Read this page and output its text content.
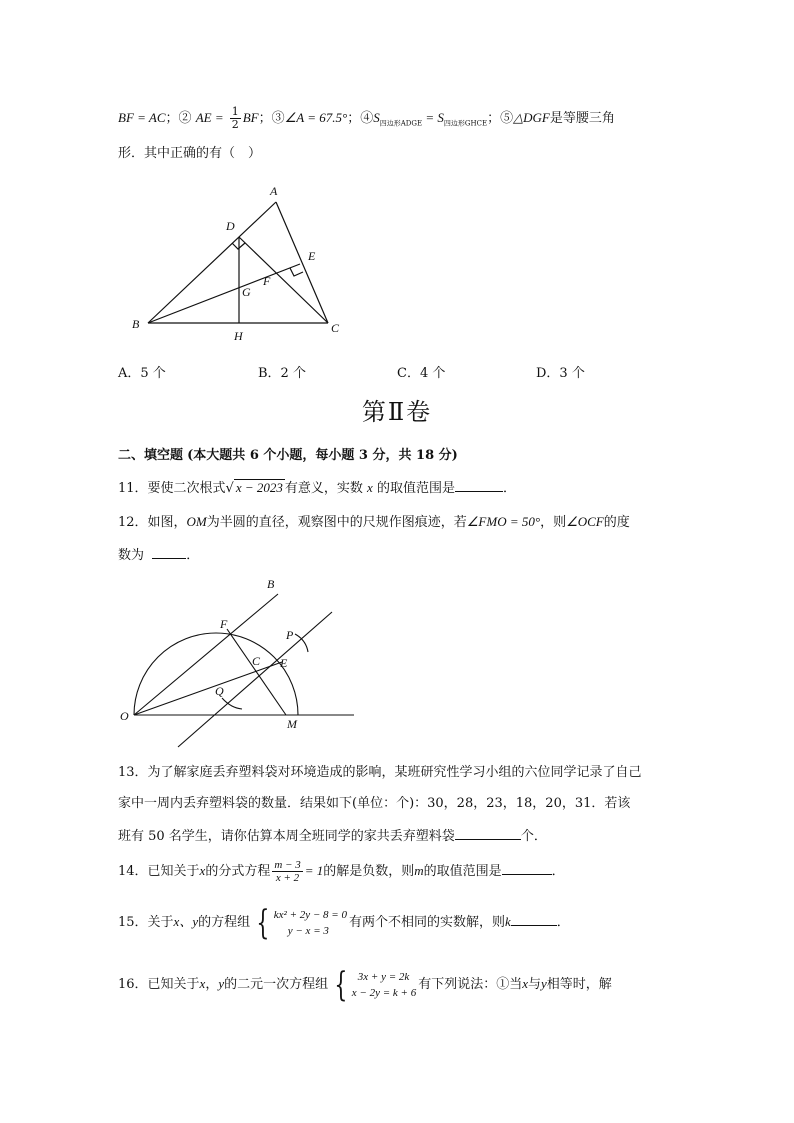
BF = AC；② AE = $\frac{1}{2}$ BF；③∠A = 67.5°；$④S_{四边形ADGE} = S_{四边形GHCE}$；⑤△DGF是等腰三角
形．其中正确的有（　）
A
D
E
F
G
B
H
C
A．5 个	B．2 个	C．4 个	D．3 个
第Ⅱ卷
二、填空题 (本大题共 6 个小题，每小题 3 分，共 18 分)
11．要使二次根式√ x − 2023 有意义，实数 x 的取值范围是	．
12．如图，OM为半圆的直径，观察图中的尺规作图痕迹，若∠FMO = 50°，则∠OCF的度
数为	．
B
F
P
C E
Q
O
M
13．为了解家庭丢弃塑料袋对环境造成的影响，某班研究性学习小组的六位同学记录了自己
家中一周内丢弃塑料袋的数量．结果如下(单位：个)：30，28，23，18，20，31．若该
班有 50 名学生，请你估算本周全班同学的家共丢弃塑料袋	个．
14．已知关于x的分式方程 $\frac{m - 3}{x + 2} = 1$的解是负数，则m的取值范围是	．
15．关于x、y的方程组 { kx² + 2y − 8 = 0
y − x = 3
有两个不相同的实数解，则k	．
16．已知关于x，y的二元一次方程组 { 3x + y = 2k
x − 2y = k + 6
有下列说法：①当x与y相等时，解
